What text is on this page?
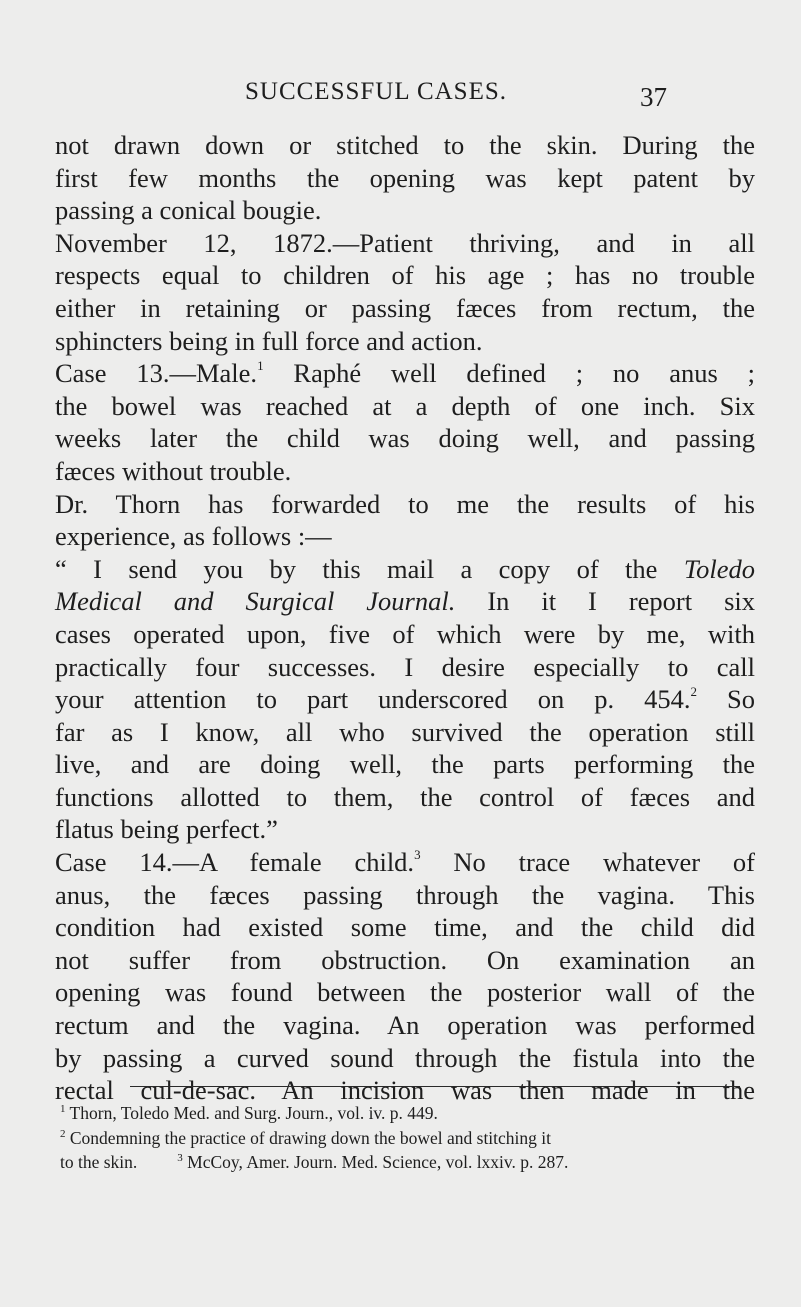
SUCCESSFUL CASES.	37
not drawn down or stitched to the skin. During the
first few months the opening was kept patent by
passing a conical bougie.
November 12, 1872.—Patient thriving, and in all
respects equal to children of his age ; has no trouble
either in retaining or passing fæces from rectum, the
sphincters being in full force and action.
Case 13.—Male.$^1$ Raphé well defined ; no anus ;
the bowel was reached at a depth of one inch. Six
weeks later the child was doing well, and passing
fæces without trouble.
Dr. Thorn has forwarded to me the results of his
experience, as follows :—
“ I send you by this mail a copy of the Toledo
Medical and Surgical Journal. In it I report six
cases operated upon, five of which were by me, with
practically four successes. I desire especially to call
your attention to part underscored on p. 454.$^2$ So
far as I know, all who survived the operation still
live, and are doing well, the parts performing the
functions allotted to them, the control of fæces and
flatus being perfect.”
Case 14.—A female child.$^3$ No trace whatever of
anus, the fæces passing through the vagina. This
condition had existed some time, and the child did
not suffer from obstruction. On examination an
opening was found between the posterior wall of the
rectum and the vagina. An operation was performed
by passing a curved sound through the fistula into the
rectal cul-de-sac. An incision was then made in the
$^1$ Thorn, Toledo Med. and Surg. Journ., vol. iv. p. 449.
$^2$ Condemning the practice of drawing down the bowel and stitching it
to the skin.	$^3$ McCoy, Amer. Journ. Med. Science, vol. lxxiv. p. 287.
